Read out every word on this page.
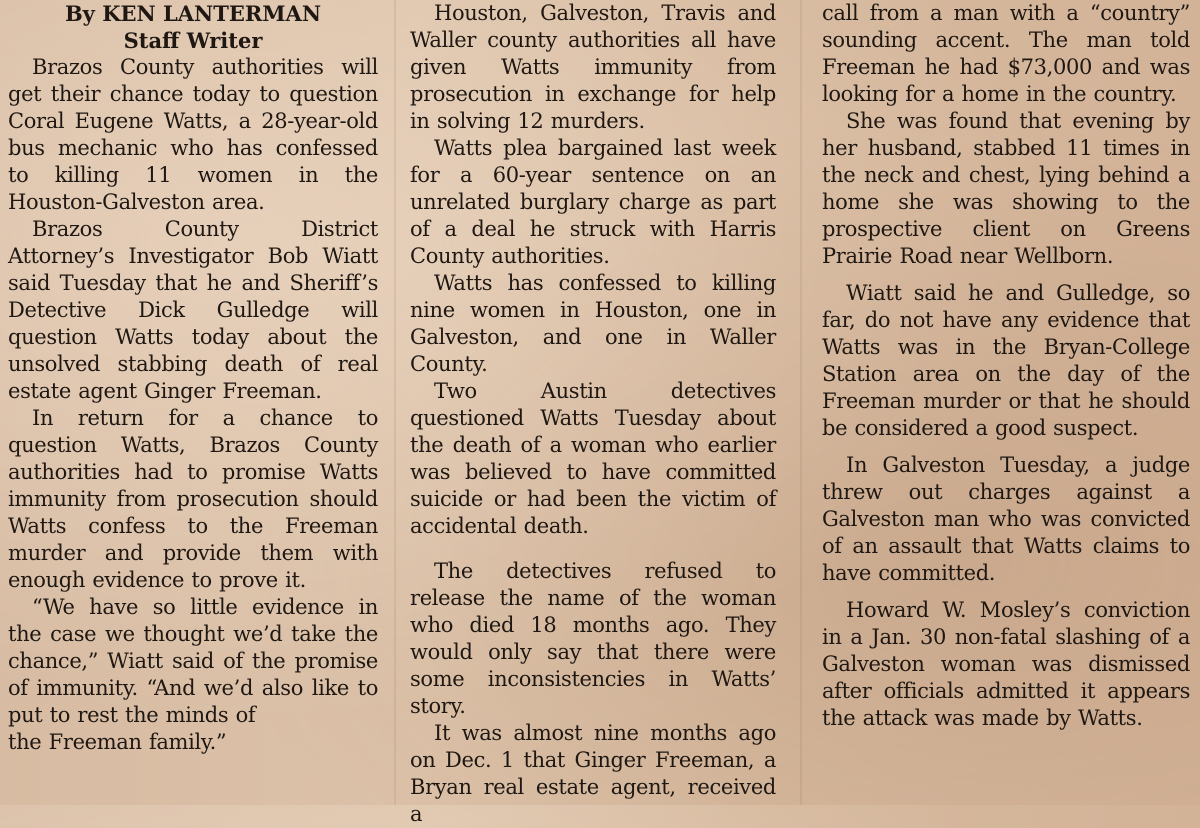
By KEN LANTERMAN
Staff Writer

Brazos County authorities will get their chance today to question Coral Eugene Watts, a 28-year-old bus mechanic who has confessed to killing 11 women in the Houston-Galveston area.

Brazos County District Attorney’s Investigator Bob Wiatt said Tuesday that he and Sheriff’s Detective Dick Gulledge will question Watts today about the unsolved stabbing death of real estate agent Ginger Freeman.

In return for a chance to question Watts, Brazos County authorities had to promise Watts immunity from prosecution should Watts confess to the Freeman murder and provide them with enough evidence to prove it.

“We have so little evidence in the case we thought we’d take the chance,” Wiatt said of the promise of immunity. “And we’d also like to put to rest the minds of

the Freeman family.”

Houston, Galveston, Travis and Waller county authorities all have given Watts immunity from prosecution in exchange for help in solving 12 murders.

Watts plea bargained last week for a 60-year sentence on an unrelated burglary charge as part of a deal he struck with Harris County authorities.

Watts has confessed to killing nine women in Houston, one in Galveston, and one in Waller County.

Two Austin detectives questioned Watts Tuesday about the death of a woman who earlier was believed to have committed suicide or had been the victim of accidental death.

The detectives refused to release the name of the woman who died 18 months ago. They would only say that there were some inconsistencies in Watts’ story.

It was almost nine months ago on Dec. 1 that Ginger Freeman, a Bryan real estate agent, received a

call from a man with a “country” sounding accent. The man told Freeman he had $73,000 and was looking for a home in the country.

She was found that evening by her husband, stabbed 11 times in the neck and chest, lying behind a home she was showing to the prospective client on Greens Prairie Road near Wellborn.

Wiatt said he and Gulledge, so far, do not have any evidence that Watts was in the Bryan-College Station area on the day of the Freeman murder or that he should be considered a good suspect.

In Galveston Tuesday, a judge threw out charges against a Galveston man who was convicted of an assault that Watts claims to have committed.

Howard W. Mosley’s conviction in a Jan. 30 non-fatal slashing of a Galveston woman was dismissed after officials admitted it appears the attack was made by Watts.
